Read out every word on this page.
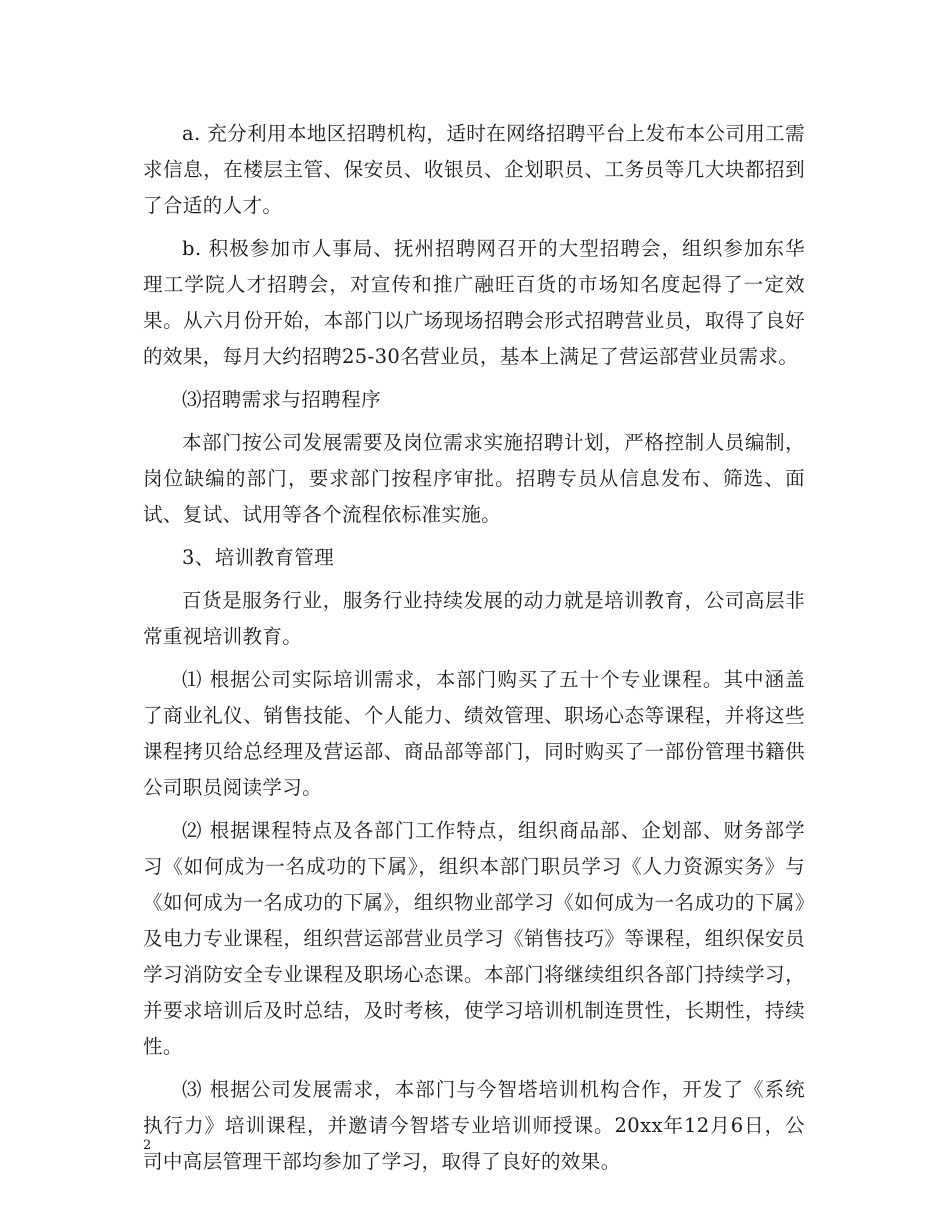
a. 充分利用本地区招聘机构，适时在网络招聘平台上发布本公司用工需求信息，在楼层主管、保安员、收银员、企划职员、工务员等几大块都招到了合适的人才。

b. 积极参加市人事局、抚州招聘网召开的大型招聘会，组织参加东华理工学院人才招聘会，对宣传和推广融旺百货的市场知名度起得了一定效果。从六月份开始，本部门以广场现场招聘会形式招聘营业员，取得了良好的效果，每月大约招聘25-30名营业员，基本上满足了营运部营业员需求。

⑶招聘需求与招聘程序

本部门按公司发展需要及岗位需求实施招聘计划，严格控制人员编制，岗位缺编的部门，要求部门按程序审批。招聘专员从信息发布、筛选、面试、复试、试用等各个流程依标准实施。

3、培训教育管理

百货是服务行业，服务行业持续发展的动力就是培训教育，公司高层非常重视培训教育。

⑴ 根据公司实际培训需求，本部门购买了五十个专业课程。其中涵盖了商业礼仪、销售技能、个人能力、绩效管理、职场心态等课程，并将这些课程拷贝给总经理及营运部、商品部等部门，同时购买了一部份管理书籍供公司职员阅读学习。

⑵ 根据课程特点及各部门工作特点，组织商品部、企划部、财务部学习《如何成为一名成功的下属》，组织本部门职员学习《人力资源实务》与《如何成为一名成功的下属》，组织物业部学习《如何成为一名成功的下属》及电力专业课程，组织营运部营业员学习《销售技巧》等课程，组织保安员学习消防安全专业课程及职场心态课。本部门将继续组织各部门持续学习，并要求培训后及时总结，及时考核，使学习培训机制连贯性，长期性，持续性。

⑶ 根据公司发展需求，本部门与今智塔培训机构合作，开发了《系统执行力》培训课程，并邀请今智塔专业培训师授课。20xx年12月6日，公司中高层管理干部均参加了学习，取得了良好的效果。

2
